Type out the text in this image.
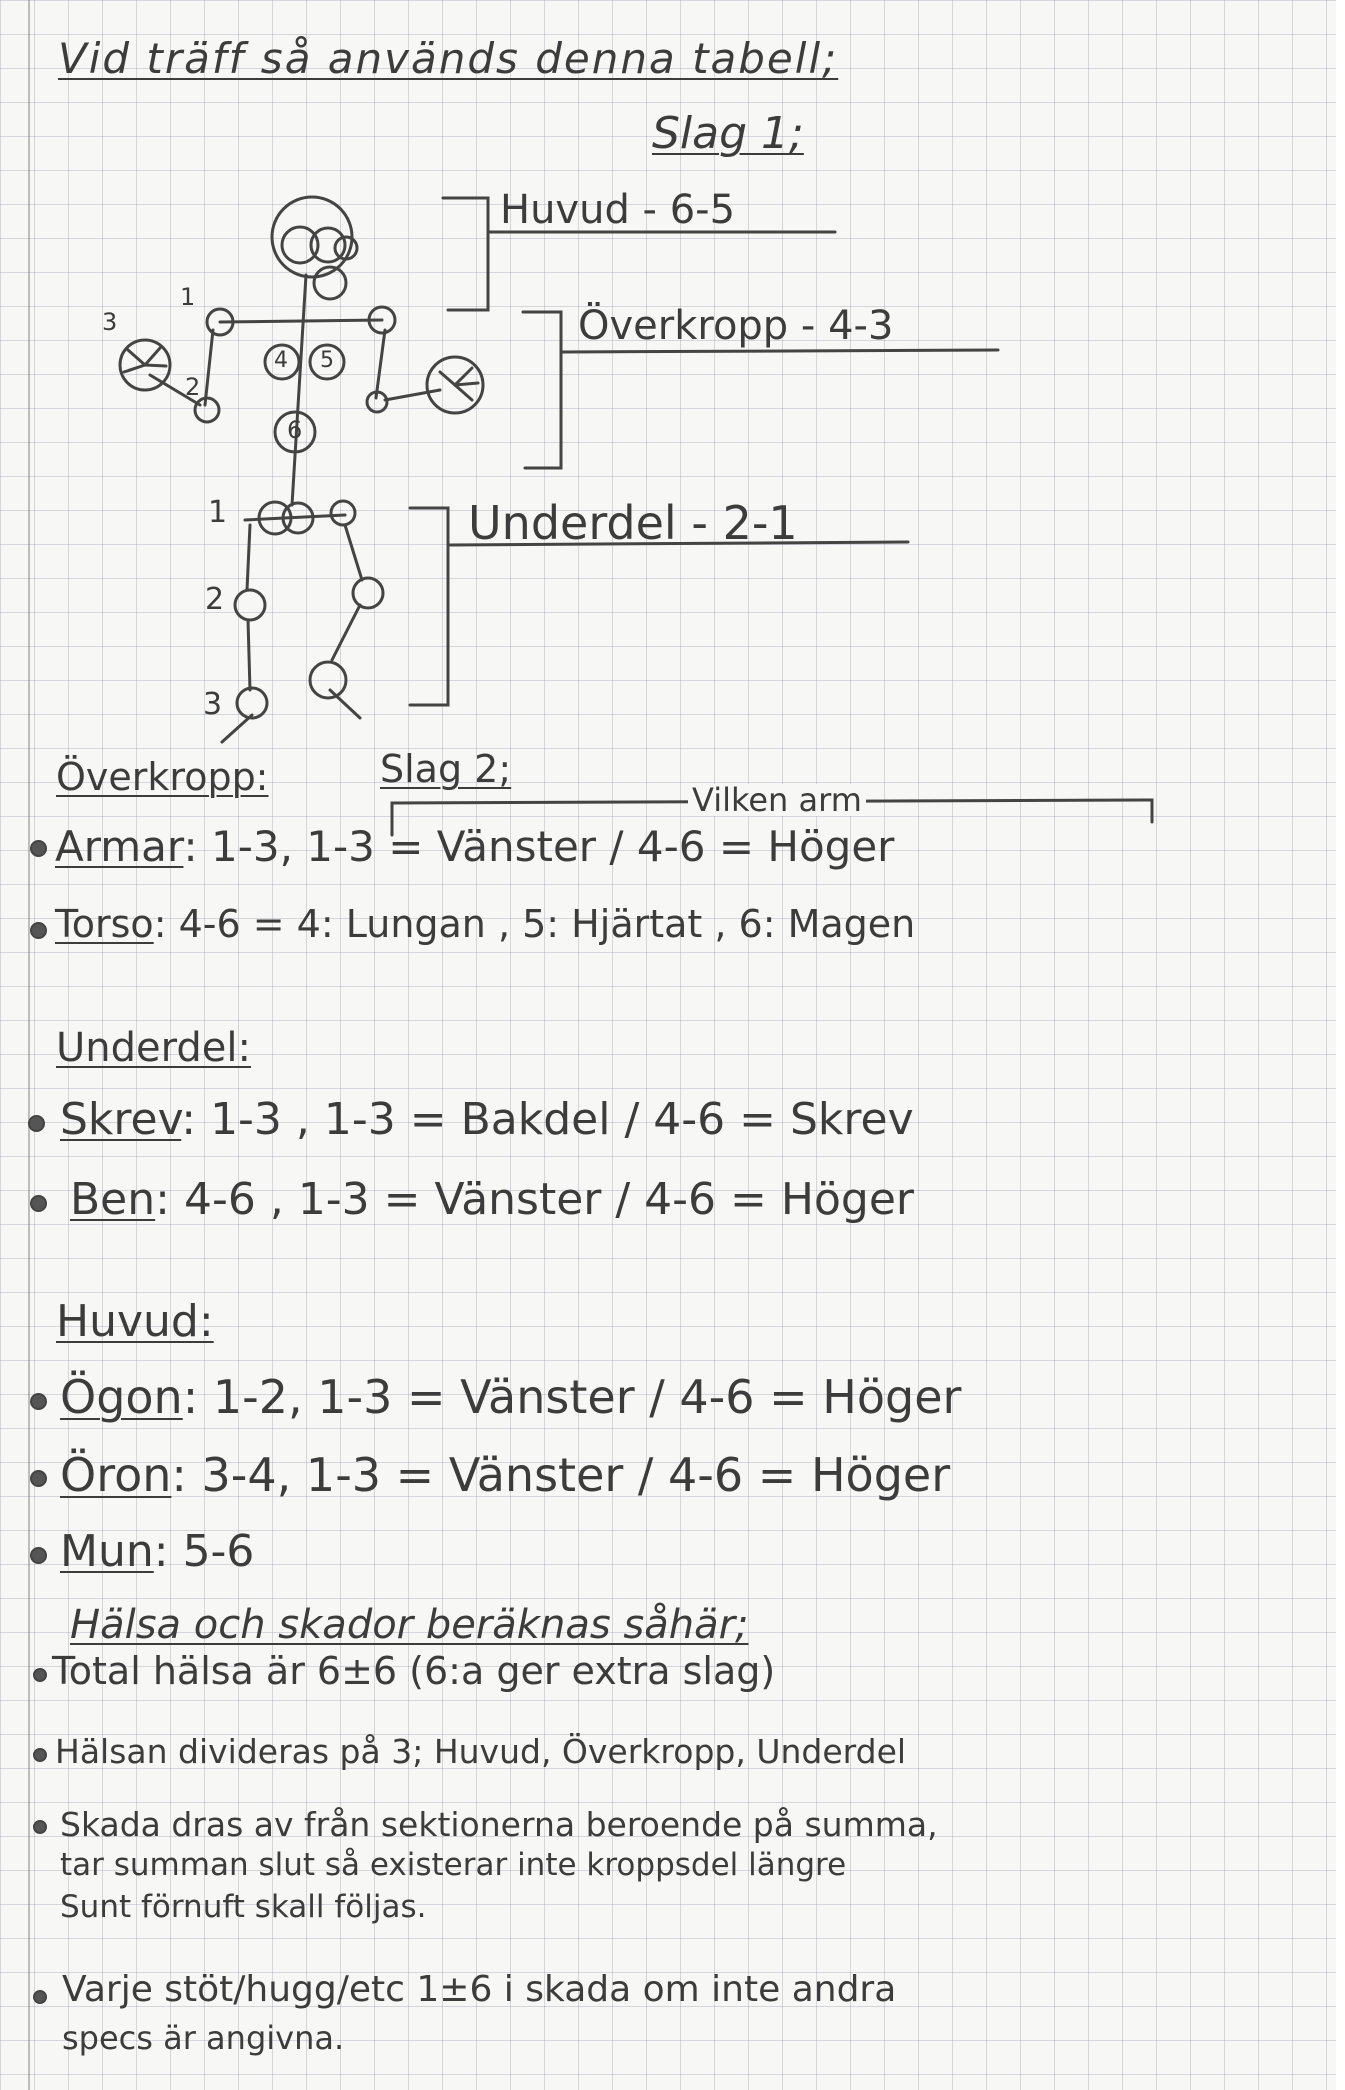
Vid träff så används denna tabell;
Slag 1;
1
2
3
4 5
6
1
2
3
Huvud - 6-5
Överkropp - 4-3
Underdel - 2-1
Överkropp:	Slag 2;
Vilken arm
Armar: 1-3, 1-3 = Vänster / 4-6 = Höger
Torso: 4-6 = 4: Lungan , 5: Hjärtat , 6: Magen
Underdel:
Skrev: 1-3 , 1-3 = Bakdel / 4-6 = Skrev
Ben: 4-6 , 1-3 = Vänster / 4-6 = Höger
Huvud:
Ögon: 1-2, 1-3 = Vänster / 4-6 = Höger
Öron: 3-4, 1-3 = Vänster / 4-6 = Höger
Mun: 5-6
Hälsa och skador beräknas såhär;
Total hälsa är 6±6 (6:a ger extra slag)
Hälsan divideras på 3; Huvud, Överkropp, Underdel
Skada dras av från sektionerna beroende på summa,
tar summan slut så existerar inte kroppsdel längre
Sunt förnuft skall följas.
Varje stöt/hugg/etc 1±6 i skada om inte andra
specs är angivna.
